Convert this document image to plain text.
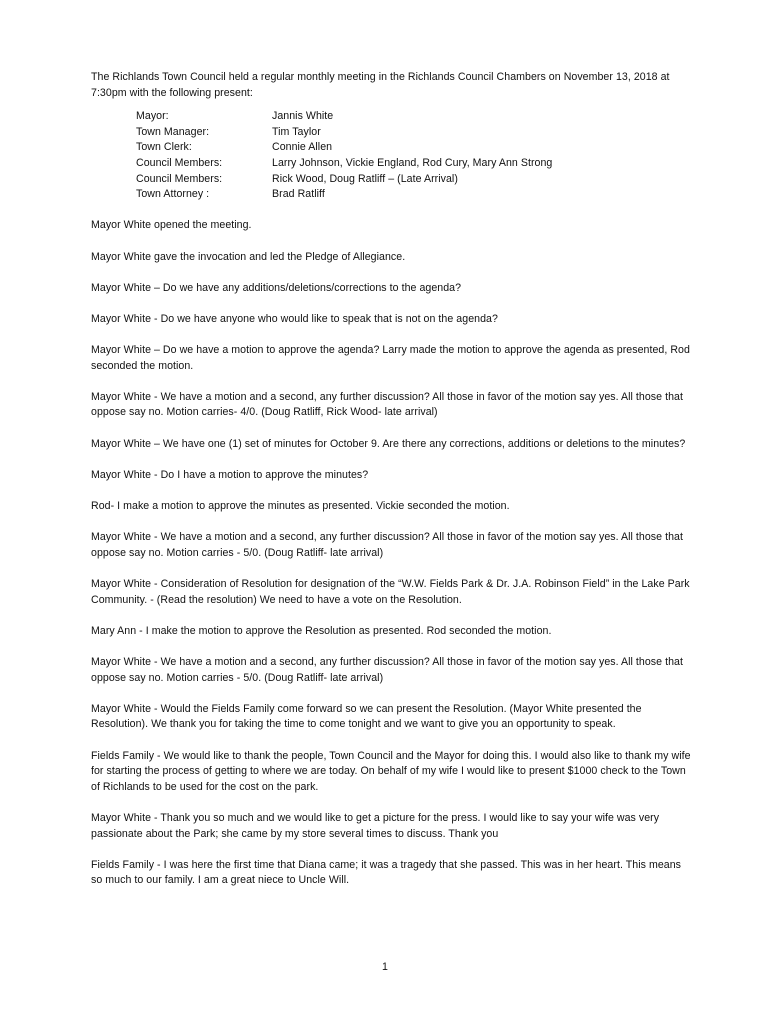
The Richlands Town Council held a regular monthly meeting in the Richlands Council Chambers on November 13, 2018 at 7:30pm with the following present:

Mayor:	Jannis White
Town Manager:	Tim Taylor
Town Clerk:	Connie Allen
Council Members:	Larry Johnson, Vickie England, Rod Cury, Mary Ann Strong
Council Members:	Rick Wood, Doug Ratliff – (Late Arrival)
Town Attorney :	Brad Ratliff

Mayor White opened the meeting.

Mayor White gave the invocation and led the Pledge of Allegiance.

Mayor White – Do we have any additions/deletions/corrections to the agenda?

Mayor White - Do we have anyone who would like to speak that is not on the agenda?

Mayor White – Do we have a motion to approve the agenda? Larry made the motion to approve the agenda as presented, Rod seconded the motion.

Mayor White - We have a motion and a second, any further discussion? All those in favor of the motion say yes. All those that oppose say no. Motion carries- 4/0. (Doug Ratliff, Rick Wood- late arrival)

Mayor White – We have one (1) set of minutes for October 9. Are there any corrections, additions or deletions to the minutes?

Mayor White - Do I have a motion to approve the minutes?

Rod- I make a motion to approve the minutes as presented. Vickie seconded the motion.

Mayor White - We have a motion and a second, any further discussion? All those in favor of the motion say yes. All those that oppose say no. Motion carries - 5/0. (Doug Ratliff- late arrival)

Mayor White - Consideration of Resolution for designation of the “W.W. Fields Park & Dr. J.A. Robinson Field” in the Lake Park Community. - (Read the resolution) We need to have a vote on the Resolution.

Mary Ann - I make the motion to approve the Resolution as presented. Rod seconded the motion.

Mayor White - We have a motion and a second, any further discussion? All those in favor of the motion say yes. All those that oppose say no. Motion carries - 5/0. (Doug Ratliff- late arrival)

Mayor White - Would the Fields Family come forward so we can present the Resolution. (Mayor White presented the Resolution). We thank you for taking the time to come tonight and we want to give you an opportunity to speak.

Fields Family - We would like to thank the people, Town Council and the Mayor for doing this. I would also like to thank my wife for starting the process of getting to where we are today. On behalf of my wife I would like to present $1000 check to the Town of Richlands to be used for the cost on the park.

Mayor White - Thank you so much and we would like to get a picture for the press. I would like to say your wife was very passionate about the Park; she came by my store several times to discuss. Thank you

Fields Family - I was here the first time that Diana came; it was a tragedy that she passed. This was in her heart. This means so much to our family. I am a great niece to Uncle Will.

1
